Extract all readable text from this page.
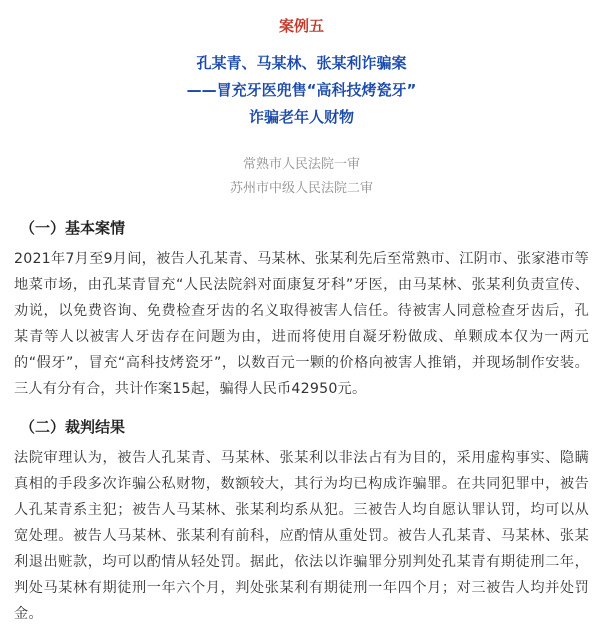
案例五
孔某青、马某林、张某利诈骗案
——冒充牙医兜售“高科技烤瓷牙”
诈骗老年人财物
常熟市人民法院一审
苏州市中级人民法院二审
（一）基本案情

2021年7月至9月间，被告人孔某青、马某林、张某利先后至常熟市、江阴市、张家港市等地菜市场，由孔某青冒充“人民法院斜对面康复牙科”牙医，由马某林、张某利负责宣传、劝说，以免费咨询、免费检查牙齿的名义取得被害人信任。待被害人同意检查牙齿后，孔某青等人以被害人牙齿存在问题为由，进而将使用自凝牙粉做成、单颗成本仅为一两元的“假牙”，冒充“高科技烤瓷牙”，以数百元一颗的价格向被害人推销，并现场制作安装。三人有分有合，共计作案15起，骗得人民币42950元。

（二）裁判结果

法院审理认为，被告人孔某青、马某林、张某利以非法占有为目的，采用虚构事实、隐瞒真相的手段多次诈骗公私财物，数额较大，其行为均已构成诈骗罪。在共同犯罪中，被告人孔某青系主犯；被告人马某林、张某利均系从犯。三被告人均自愿认罪认罚，均可以从宽处理。被告人马某林、张某利有前科，应酌情从重处罚。被告人孔某青、马某林、张某利退出赃款，均可以酌情从轻处罚。据此，依法以诈骗罪分别判处孔某青有期徒刑二年，判处马某林有期徒刑一年六个月，判处张某利有期徒刑一年四个月；对三被告人均并处罚金。
